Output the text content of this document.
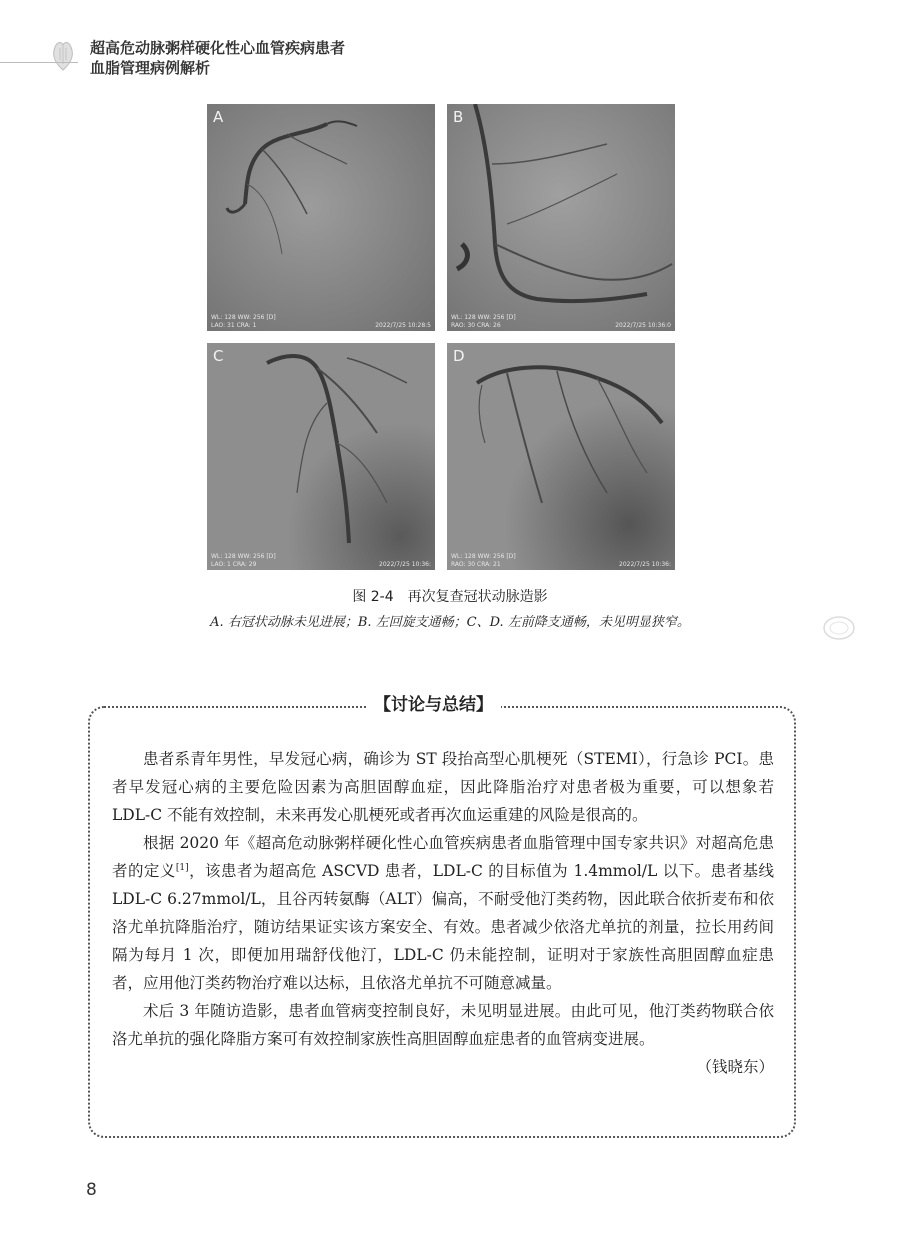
超高危动脉粥样硬化性心血管疾病患者
血脂管理病例解析
A
WL: 128 WW: 256 [D]
LAO: 31 CRA: 1	2022/7/25 10:28:5
B
WL: 128 WW: 256 [D]
RAO: 30 CRA: 26	2022/7/25 10:36:0
C
WL: 128 WW: 256 [D]
LAO: 1 CRA: 29	2022/7/25 10:36:
D
WL: 128 WW: 256 [D]
RAO: 30 CRA: 21	2022/7/25 10:36:
图 2-4　再次复查冠状动脉造影
A. 右冠状动脉未见进展；B. 左回旋支通畅；C、D. 左前降支通畅，未见明显狭窄。
【讨论与总结】

患者系青年男性，早发冠心病，确诊为 ST 段抬高型心肌梗死（STEMI），行急诊 PCI。患者早发冠心病的主要危险因素为高胆固醇血症，因此降脂治疗对患者极为重要，可以想象若 LDL-C 不能有效控制，未来再发心肌梗死或者再次血运重建的风险是很高的。

根据 2020 年《超高危动脉粥样硬化性心血管疾病患者血脂管理中国专家共识》对超高危患者的定义[1]，该患者为超高危 ASCVD 患者，LDL-C 的目标值为 1.4mmol/L 以下。患者基线 LDL-C 6.27mmol/L，且谷丙转氨酶（ALT）偏高，不耐受他汀类药物，因此联合依折麦布和依洛尤单抗降脂治疗，随访结果证实该方案安全、有效。患者减少依洛尤单抗的剂量，拉长用药间隔为每月 1 次，即便加用瑞舒伐他汀，LDL-C 仍未能控制，证明对于家族性高胆固醇血症患者，应用他汀类药物治疗难以达标，且依洛尤单抗不可随意减量。

术后 3 年随访造影，患者血管病变控制良好，未见明显进展。由此可见，他汀类药物联合依洛尤单抗的强化降脂方案可有效控制家族性高胆固醇血症患者的血管病变进展。

（钱晓东）

8
